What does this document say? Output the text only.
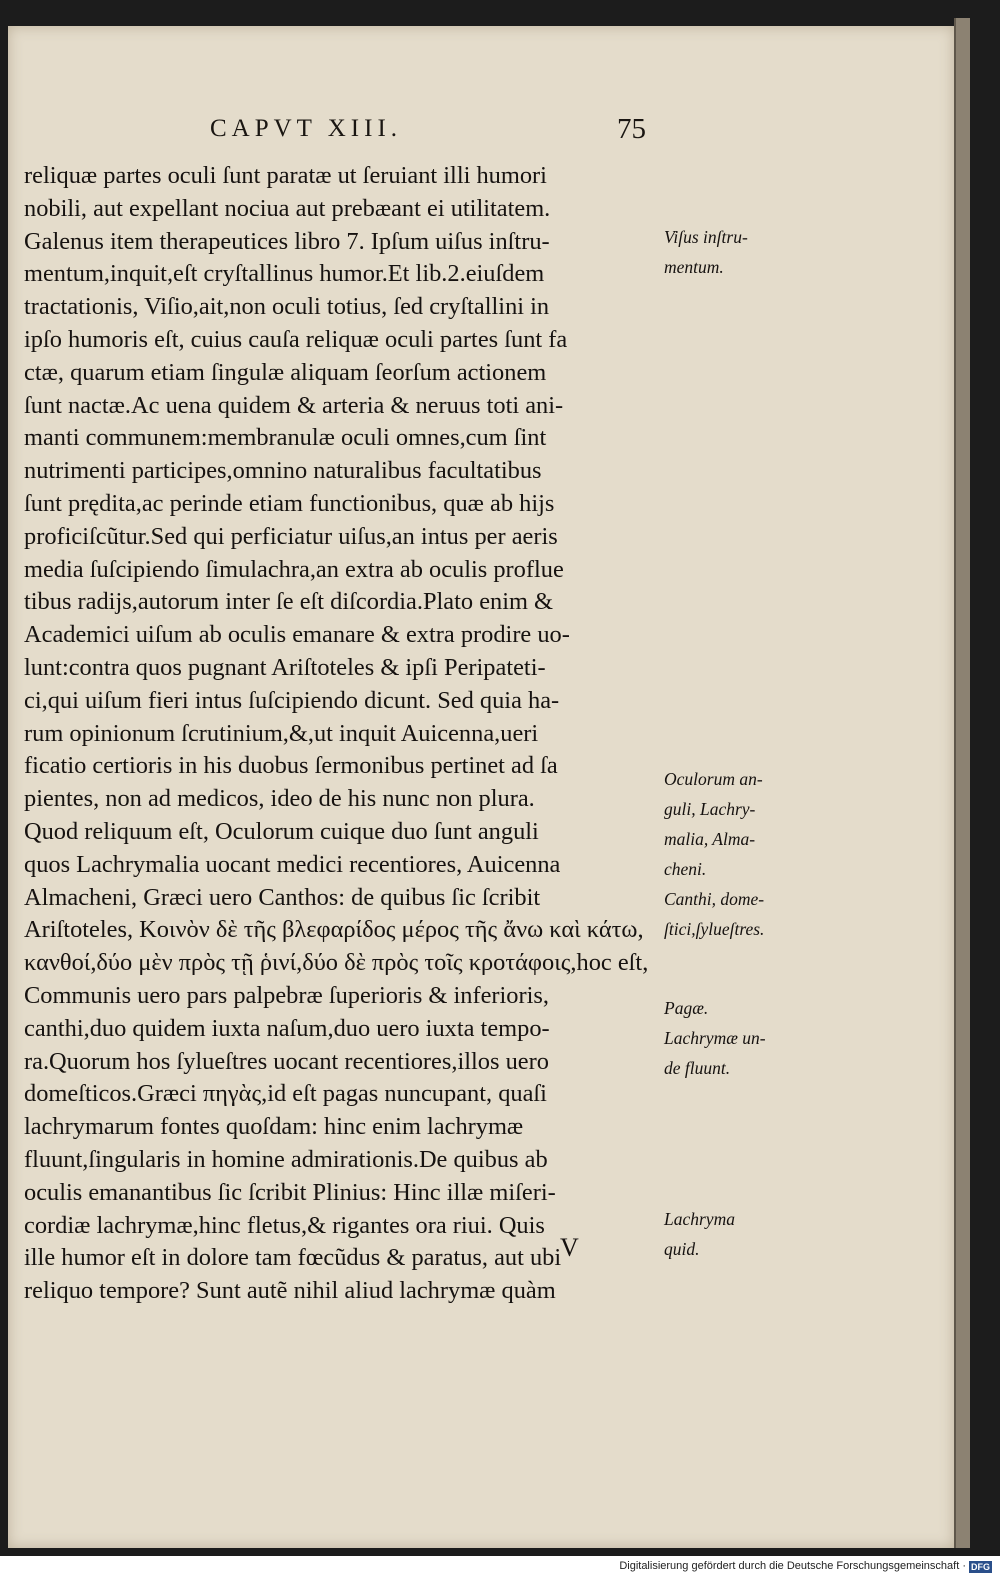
CAPVT XIII.	75
reliquæ partes oculi ſunt paratæ ut ſeruiant illi humori
nobili, aut expellant nociua aut prebæant ei utilitatem.
Galenus item therapeutices libro 7. Ipſum uiſus inſtru-
mentum,inquit,eſt cryſtallinus humor.Et lib.2.eiuſdem
tractationis, Viſio,ait,non oculi totius, ſed cryſtallini in
ipſo humoris eſt, cuius cauſa reliquæ oculi partes ſunt fa
ctæ, quarum etiam ſingulæ aliquam ſeorſum actionem
ſunt nactæ.Ac uena quidem & arteria & neruus toti ani-
manti communem:membranulæ oculi omnes,cum ſint
nutrimenti participes,omnino naturalibus facultatibus
ſunt prędita,ac perinde etiam functionibus, quæ ab hijs
proficiſcũtur.Sed qui perficiatur uiſus,an intus per aeris
media ſuſcipiendo ſimulachra,an extra ab oculis proflue
tibus radijs,autorum inter ſe eſt diſcordia.Plato enim &
Academici uiſum ab oculis emanare & extra prodire uo-
lunt:contra quos pugnant Ariſtoteles & ipſi Peripateti-
ci,qui uiſum fieri intus ſuſcipiendo dicunt. Sed quia ha-
rum opinionum ſcrutinium,&,ut inquit Auicenna,ueri
ficatio certioris in his duobus ſermonibus pertinet ad ſa
pientes, non ad medicos, ideo de his nunc non plura.
Quod reliquum eſt, Oculorum cuique duo ſunt anguli
quos Lachrymalia uocant medici recentiores, Auicenna
Almacheni, Græci uero Canthos: de quibus ſic ſcribit
Ariſtoteles, Κοινὸν δὲ τῆς βλεφαρίδος μέρος τῆς ἄνω καὶ κάτω,
κανθοί,δύο μὲν πρὸς τῇ ῥινί,δύο δὲ πρὸς τοῖς κροτάφοις,hoc eſt,
Communis uero pars palpebræ ſuperioris & inferioris,
canthi,duo quidem iuxta naſum,duo uero iuxta tempo-
ra.Quorum hos ſylueſtres uocant recentiores,illos uero
domeſticos.Græci πηγὰς,id eſt pagas nuncupant, quaſi
lachrymarum fontes quoſdam: hinc enim lachrymæ
fluunt,ſingularis in homine admirationis.De quibus ab
oculis emanantibus ſic ſcribit Plinius: Hinc illæ miſeri-
cordiæ lachrymæ,hinc fletus,& rigantes ora riui. Quis
ille humor eſt in dolore tam fœcũdus & paratus, aut ubi
reliquo tempore? Sunt autẽ nihil aliud lachrymæ quàm
V
Viſus inſtru-
mentum.
Oculorum an-
guli, Lachry-
malia, Alma-
cheni.
Canthi, dome-
ſtici,ſylueſtres.
Pagæ.
Lachrymæ un-
de fluunt.
Lachryma
quid.
Digitalisierung gefördert durch die Deutsche Forschungsgemeinschaft · DFG
